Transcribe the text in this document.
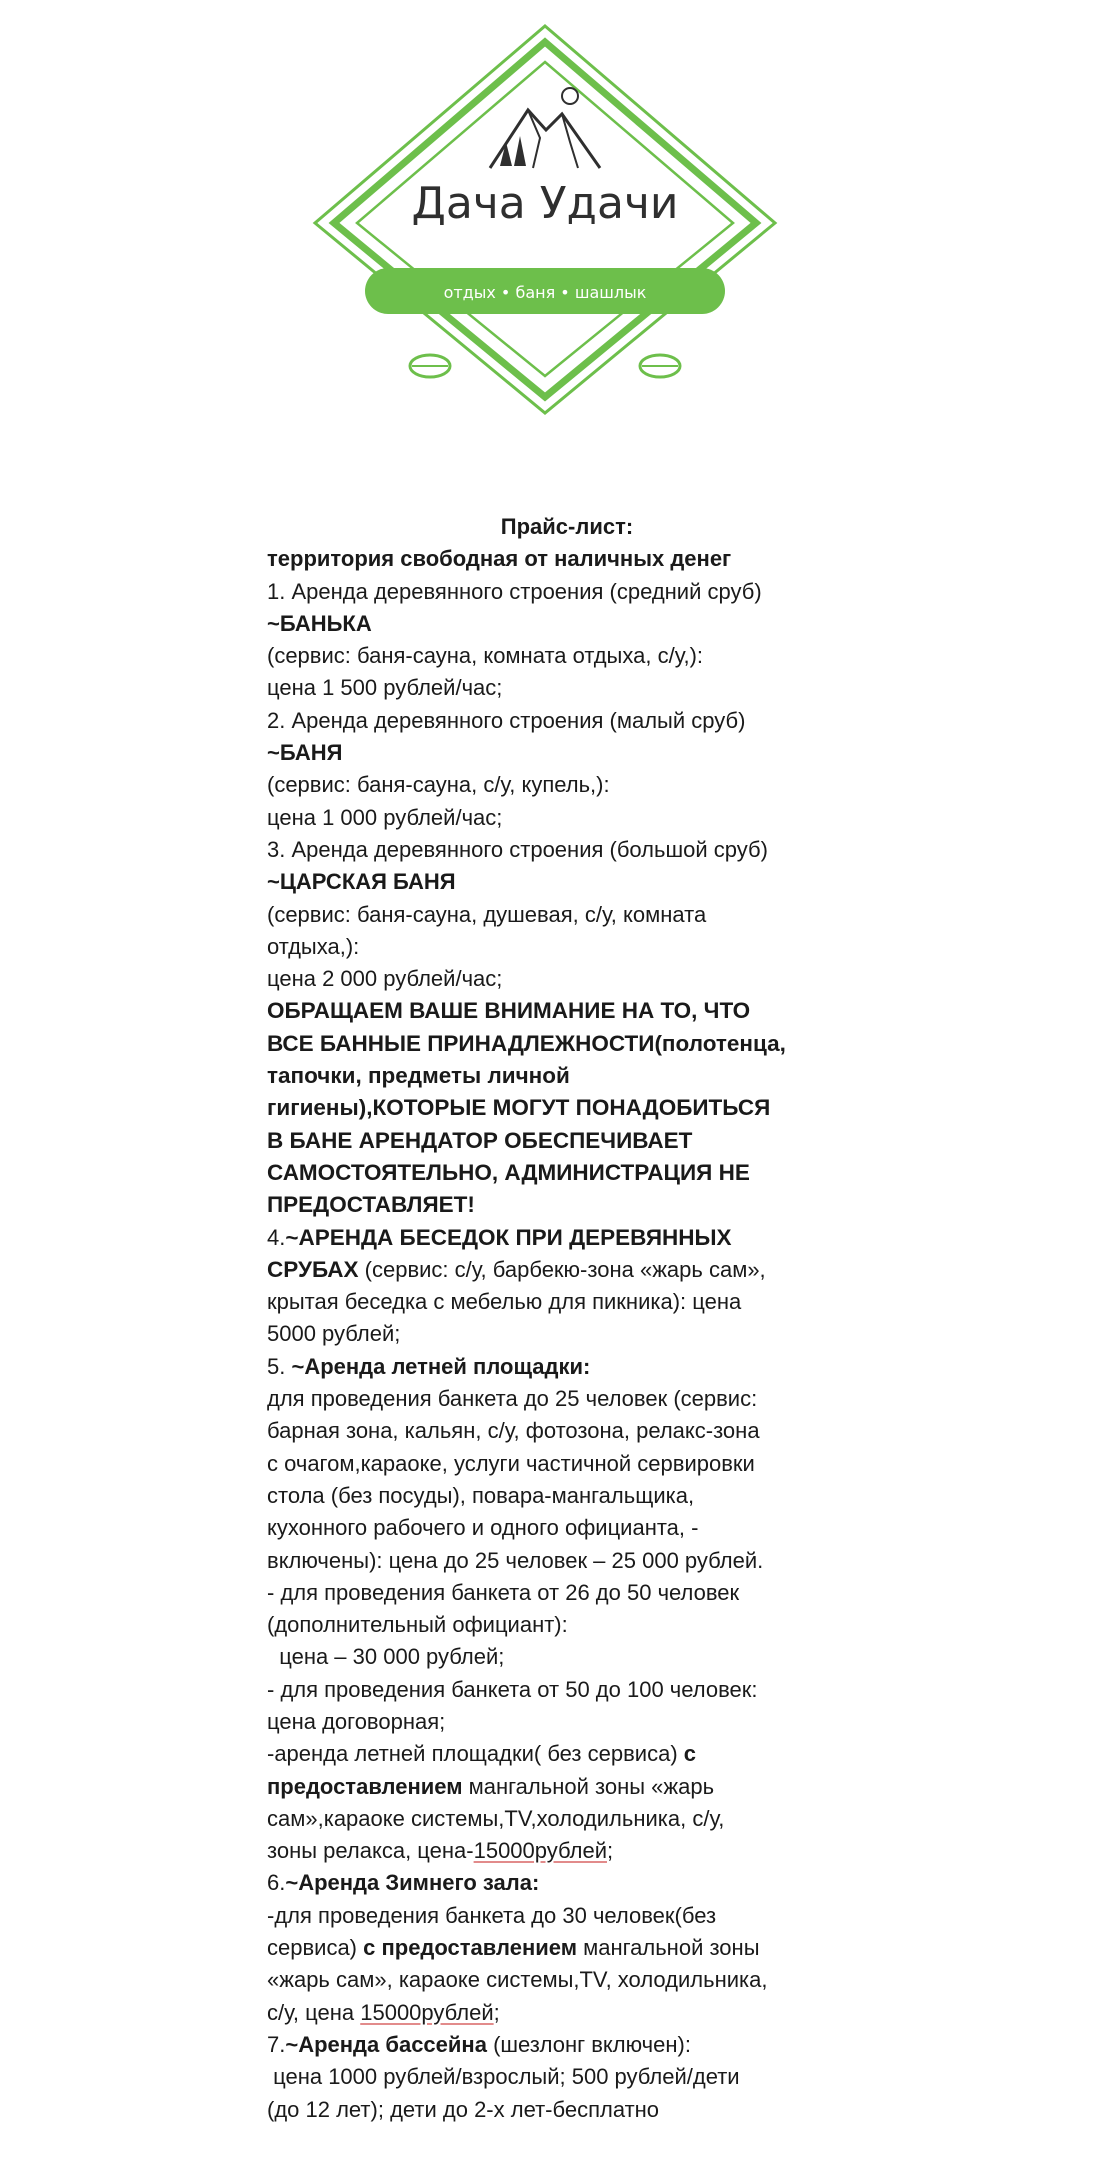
Дача Удачи
отдых • баня • шашлык
Прайс-лист:
территория свободная от наличных денег
1. Аренда деревянного строения (средний сруб)
~БАНЬКА
(сервис: баня-сауна, комната отдыха, с/у,):
цена 1 500 рублей/час;
2. Аренда деревянного строения (малый сруб)
~БАНЯ
(сервис: баня-сауна, с/у, купель,):
цена 1 000 рублей/час;
3. Аренда деревянного строения (большой сруб)
~ЦАРСКАЯ БАНЯ
(сервис: баня-сауна, душевая, с/у, комната
отдыха,):
цена 2 000 рублей/час;
ОБРАЩАЕМ ВАШЕ ВНИМАНИЕ НА ТО, ЧТО
ВСЕ БАННЫЕ ПРИНАДЛЕЖНОСТИ(полотенца,
тапочки, предметы личной
гигиены),КОТОРЫЕ МОГУТ ПОНАДОБИТЬСЯ
В БАНЕ АРЕНДАТОР ОБЕСПЕЧИВАЕТ
САМОСТОЯТЕЛЬНО, АДМИНИСТРАЦИЯ НЕ
ПРЕДОСТАВЛЯЕТ!
4.~АРЕНДА БЕСЕДОК ПРИ ДЕРЕВЯННЫХ
СРУБАХ (сервис: с/у, барбекю-зона «жарь сам»,
крытая беседка с мебелью для пикника): цена
5000 рублей;
5. ~Аренда летней площадки:
для проведения банкета до 25 человек (сервис:
барная зона, кальян, с/у, фотозона, релакс-зона
с очагом,караоке, услуги частичной сервировки
стола (без посуды), повара-мангальщика,
кухонного рабочего и одного официанта, -
включены): цена до 25 человек – 25 000 рублей.
- для проведения банкета от 26 до 50 человек
(дополнительный официант):
цена – 30 000 рублей;
- для проведения банкета от 50 до 100 человек:
цена договорная;
-аренда летней площадки( без сервиса) с
предоставлением мангальной зоны «жарь
сам»,караоке системы,TV,холодильника, с/у,
зоны релакса, цена-15000рублей;
6.~Аренда Зимнего зала:
-для проведения банкета до 30 человек(без
сервиса) с предоставлением мангальной зоны
«жарь сам», караоке системы,TV, холодильника,
с/у, цена 15000рублей;
7.~Аренда бассейна (шезлонг включен):
цена 1000 рублей/взрослый; 500 рублей/дети
(до 12 лет); дети до 2-х лет-бесплатно
